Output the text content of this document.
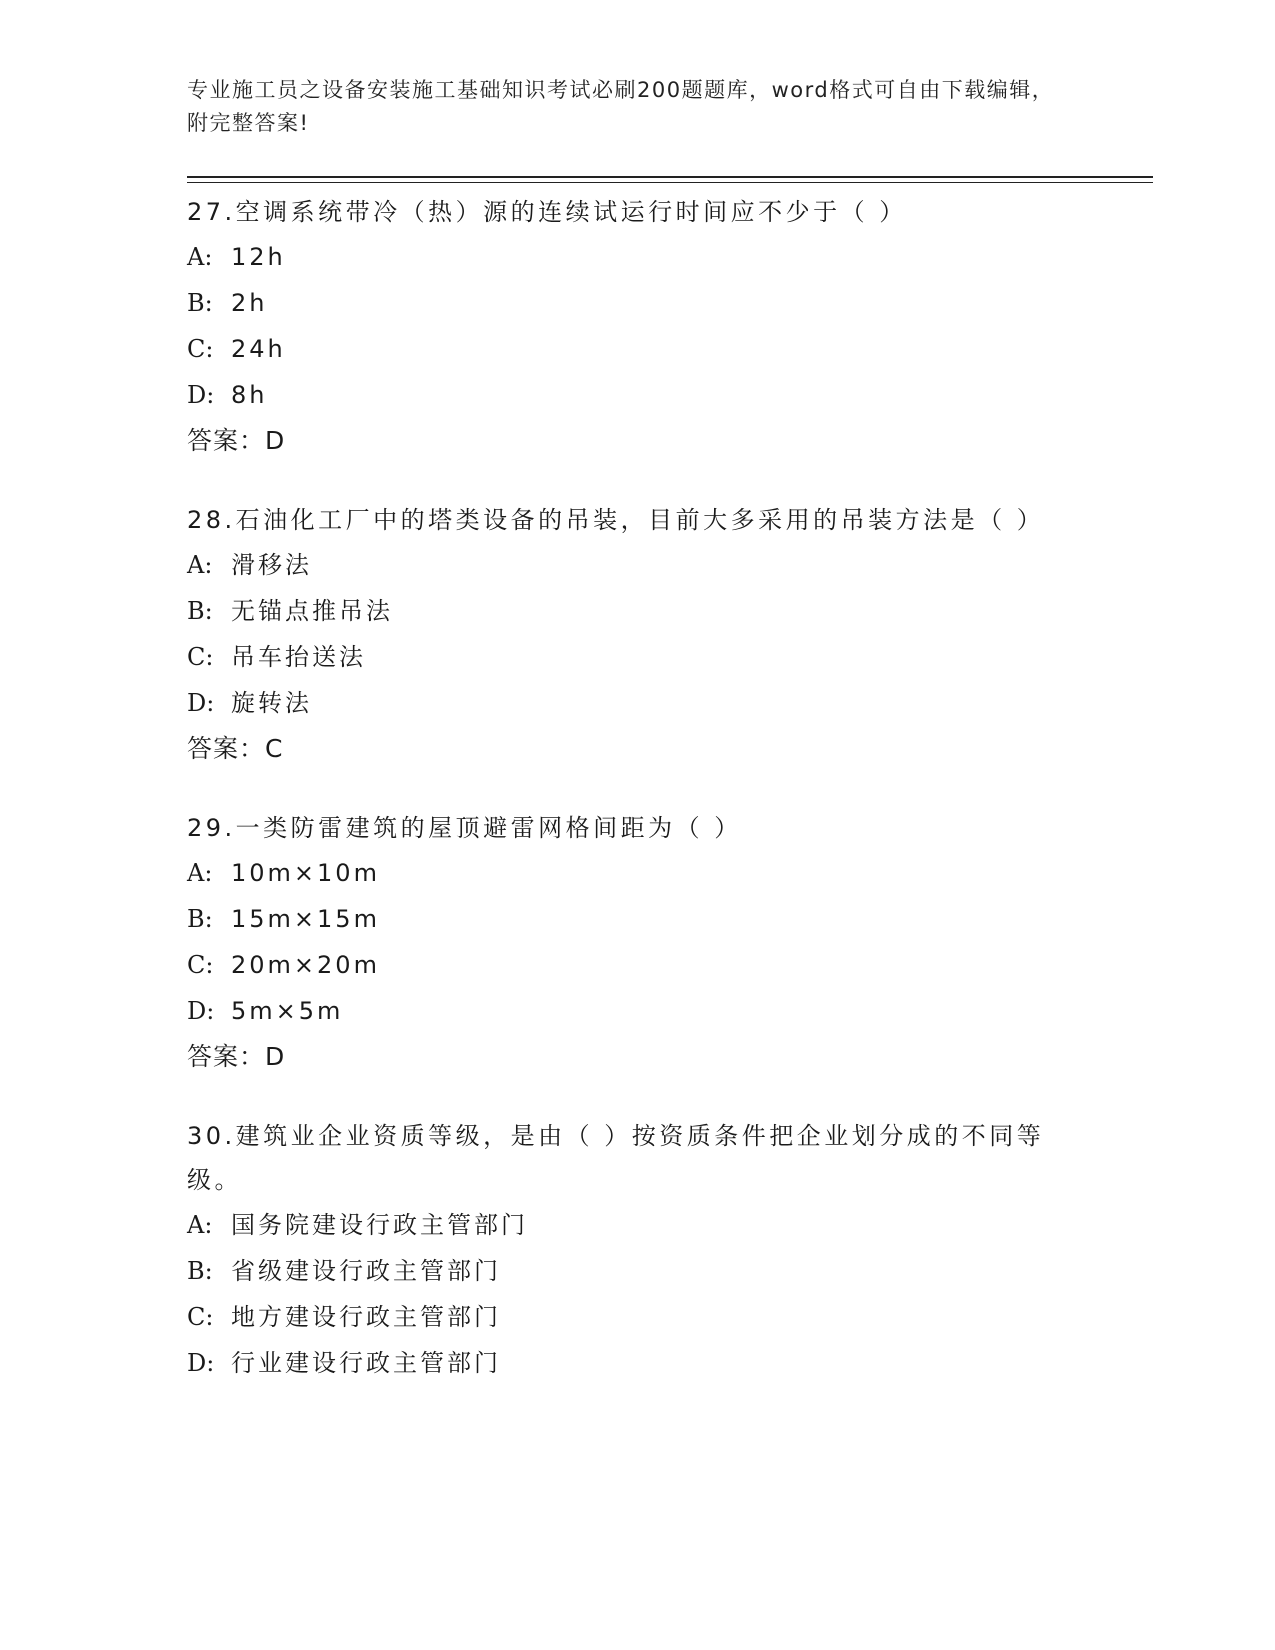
专业施工员之设备安装施工基础知识考试必刷200题题库，word格式可自由下载编辑，附完整答案!
27.空调系统带冷（热）源的连续试运行时间应不少于（ ）
A: 12h
B: 2h
C: 24h
D: 8h
答案：D
28.石油化工厂中的塔类设备的吊装，目前大多采用的吊装方法是（ ）
A: 滑移法
B: 无锚点推吊法
C: 吊车抬送法
D: 旋转法
答案：C
29.一类防雷建筑的屋顶避雷网格间距为（ ）
A: 10m×10m
B: 15m×15m
C: 20m×20m
D: 5m×5m
答案：D
30.建筑业企业资质等级，是由（ ）按资质条件把企业划分成的不同等级。
A: 国务院建设行政主管部门
B: 省级建设行政主管部门
C: 地方建设行政主管部门
D: 行业建设行政主管部门
